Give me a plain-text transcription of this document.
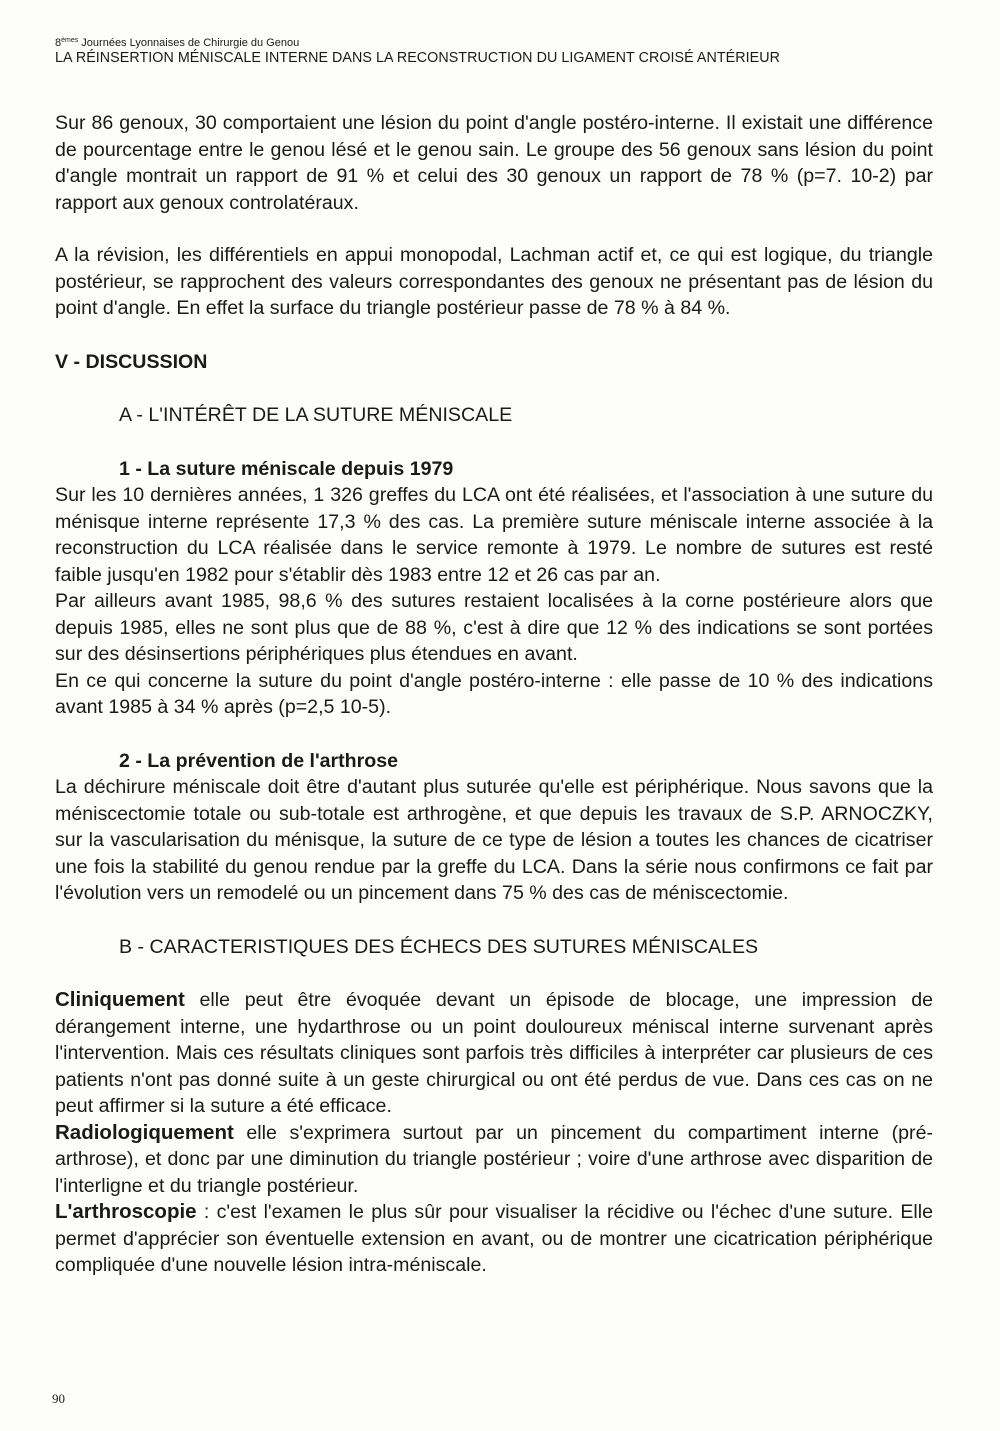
8èmes Journées Lyonnaises de Chirurgie du Genou
LA RÉINSERTION MÉNISCALE INTERNE DANS LA RECONSTRUCTION DU LIGAMENT CROISÉ ANTÉRIEUR

Sur 86 genoux, 30 comportaient une lésion du point d'angle postéro-interne. Il existait une différence de pourcentage entre le genou lésé et le genou sain. Le groupe des 56 genoux sans lésion du point d'angle montrait un rapport de 91 % et celui des 30 genoux un rapport de 78 % (p=7. 10-2) par rapport aux genoux controlatéraux.

A la révision, les différentiels en appui monopodal, Lachman actif et, ce qui est logique, du triangle postérieur, se rapprochent des valeurs correspondantes des genoux ne présentant pas de lésion du point d'angle. En effet la surface du triangle postérieur passe de 78 % à 84 %.

V - DISCUSSION
A - L'INTÉRÊT DE LA SUTURE MÉNISCALE
1 - La suture méniscale depuis 1979

Sur les 10 dernières années, 1 326 greffes du LCA ont été réalisées, et l'association à une suture du ménisque interne représente 17,3 % des cas. La première suture méniscale interne associée à la reconstruction du LCA réalisée dans le service remonte à 1979. Le nombre de sutures est resté faible jusqu'en 1982 pour s'établir dès 1983 entre 12 et 26 cas par an.

Par ailleurs avant 1985, 98,6 % des sutures restaient localisées à la corne postérieure alors que depuis 1985, elles ne sont plus que de 88 %, c'est à dire que 12 % des indications se sont portées sur des désinsertions périphériques plus étendues en avant.

En ce qui concerne la suture du point d'angle postéro-interne : elle passe de 10 % des indications avant 1985 à 34 % après (p=2,5 10-5).

2 - La prévention de l'arthrose

La déchirure méniscale doit être d'autant plus suturée qu'elle est périphérique. Nous savons que la méniscectomie totale ou sub-totale est arthrogène, et que depuis les travaux de S.P. ARNOCZKY, sur la vascularisation du ménisque, la suture de ce type de lésion a toutes les chances de cicatriser une fois la stabilité du genou rendue par la greffe du LCA. Dans la série nous confirmons ce fait par l'évolution vers un remodelé ou un pincement dans 75 % des cas de méniscectomie.

B - CARACTERISTIQUES DES ÉCHECS DES SUTURES MÉNISCALES

Cliniquement elle peut être évoquée devant un épisode de blocage, une impression de dérangement interne, une hydarthrose ou un point douloureux méniscal interne survenant après l'intervention. Mais ces résultats cliniques sont parfois très difficiles à interpréter car plusieurs de ces patients n'ont pas donné suite à un geste chirurgical ou ont été perdus de vue. Dans ces cas on ne peut affirmer si la suture a été efficace.

Radiologiquement elle s'exprimera surtout par un pincement du compartiment interne (pré-arthrose), et donc par une diminution du triangle postérieur ; voire d'une arthrose avec disparition de l'interligne et du triangle postérieur.

L'arthroscopie : c'est l'examen le plus sûr pour visualiser la récidive ou l'échec d'une suture. Elle permet d'apprécier son éventuelle extension en avant, ou de montrer une cicatrication périphérique compliquée d'une nouvelle lésion intra-méniscale.

90
